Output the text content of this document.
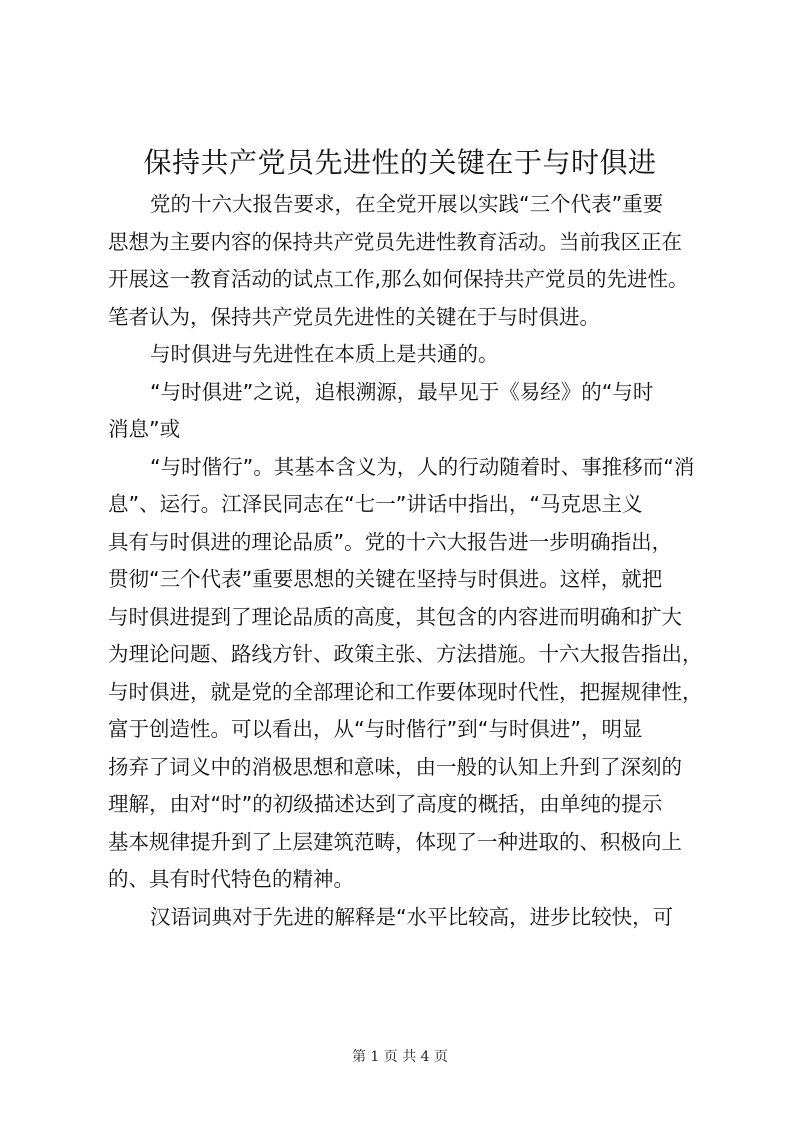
保持共产党员先进性的关键在于与时俱进
党的十六大报告要求，在全党开展以实践“三个代表”重要
思想为主要内容的保持共产党员先进性教育活动。当前我区正在
开展这一教育活动的试点工作,那么如何保持共产党员的先进性。
笔者认为，保持共产党员先进性的关键在于与时俱进。
与时俱进与先进性在本质上是共通的。
“与时俱进”之说，追根溯源，最早见于《易经》的“与时
消息”或
“与时偕行”。其基本含义为，人的行动随着时、事推移而“消
息”、运行。江泽民同志在“七一”讲话中指出，“马克思主义
具有与时俱进的理论品质”。党的十六大报告进一步明确指出，
贯彻“三个代表”重要思想的关键在坚持与时俱进。这样，就把
与时俱进提到了理论品质的高度，其包含的内容进而明确和扩大
为理论问题、路线方针、政策主张、方法措施。十六大报告指出，
与时俱进，就是党的全部理论和工作要体现时代性，把握规律性，
富于创造性。可以看出，从“与时偕行”到“与时俱进”，明显
扬弃了词义中的消极思想和意味，由一般的认知上升到了深刻的
理解，由对“时”的初级描述达到了高度的概括，由单纯的提示
基本规律提升到了上层建筑范畴，体现了一种进取的、积极向上
的、具有时代特色的精神。
汉语词典对于先进的解释是“水平比较高，进步比较快，可
第 1 页 共 4 页
